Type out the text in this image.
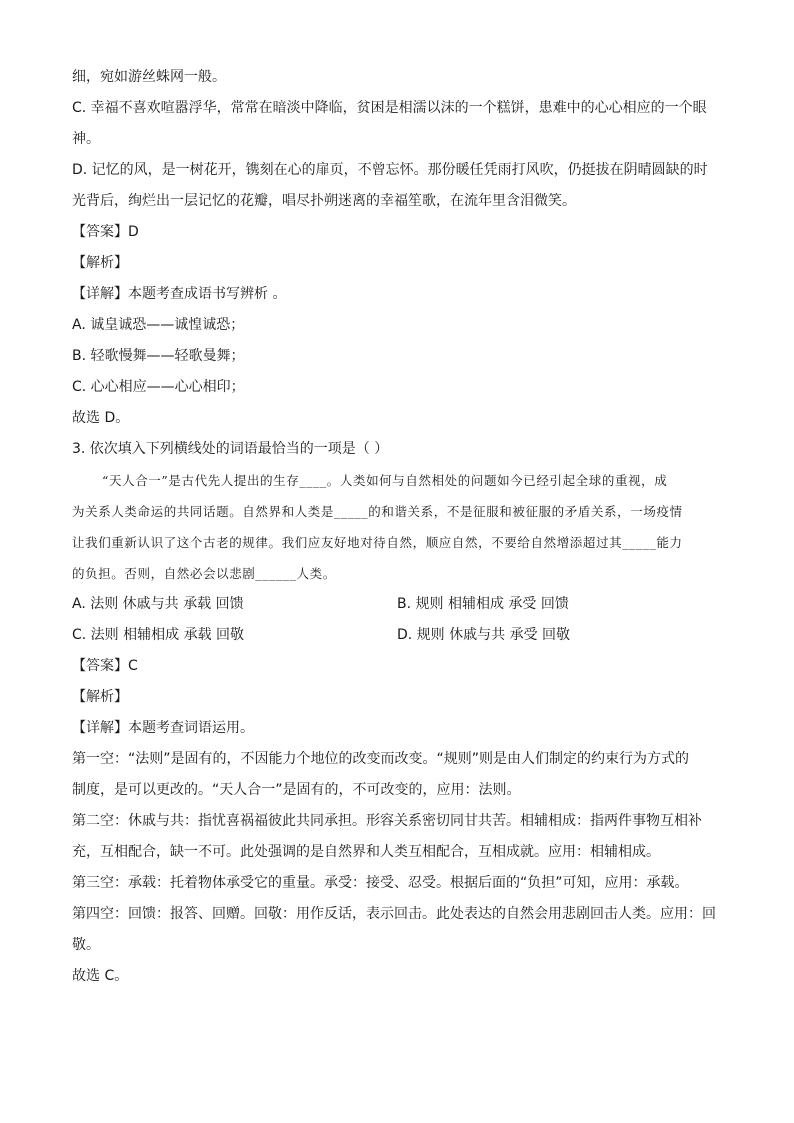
细，宛如游丝蛛网一般。
C. 幸福不喜欢喧嚣浮华，常常在暗淡中降临，贫困是相濡以沫的一个糕饼，患难中的心心相应的一个眼
神。
D. 记忆的风，是一树花开，镌刻在心的扉页，不曾忘怀。那份暖任凭雨打风吹，仍挺拔在阴晴圆缺的时
光背后，绚烂出一层记忆的花瓣，唱尽扑朔迷离的幸福笙歌，在流年里含泪微笑。
【答案】D
【解析】
【详解】本题考查成语书写辨析 。
A. 诚皇诚恐——诚惶诚恐；
B. 轻歌慢舞——轻歌曼舞；
C. 心心相应——心心相印；
故选 D。
3. 依次填入下列横线处的词语最恰当的一项是（ ）
“天人合一”是古代先人提出的生存____。人类如何与自然相处的问题如今已经引起全球的重视，成
为关系人类命运的共同话题。自然界和人类是_____的和谐关系，不是征服和被征服的矛盾关系，一场疫情
让我们重新认识了这个古老的规律。我们应友好地对待自然，顺应自然，不要给自然增添超过其_____能力
的负担。否则，自然必会以悲剧______人类。
A. 法则 休戚与共 承载 回馈	B. 规则 相辅相成 承受 回馈
C. 法则 相辅相成 承载 回敬	D. 规则 休戚与共 承受 回敬
【答案】C
【解析】
【详解】本题考查词语运用。
第一空：“法则”是固有的，不因能力个地位的改变而改变。“规则”则是由人们制定的约束行为方式的
制度，是可以更改的。“天人合一”是固有的，不可改变的，应用：法则。
第二空：休戚与共：指忧喜祸福彼此共同承担。形容关系密切同甘共苦。相辅相成：指两件事物互相补
充，互相配合，缺一不可。此处强调的是自然界和人类互相配合，互相成就。应用：相辅相成。
第三空：承载：托着物体承受它的重量。承受：接受、忍受。根据后面的“负担”可知，应用：承载。
第四空：回馈：报答、回赠。回敬：用作反话，表示回击。此处表达的自然会用悲剧回击人类。应用：回
敬。
故选 C。
